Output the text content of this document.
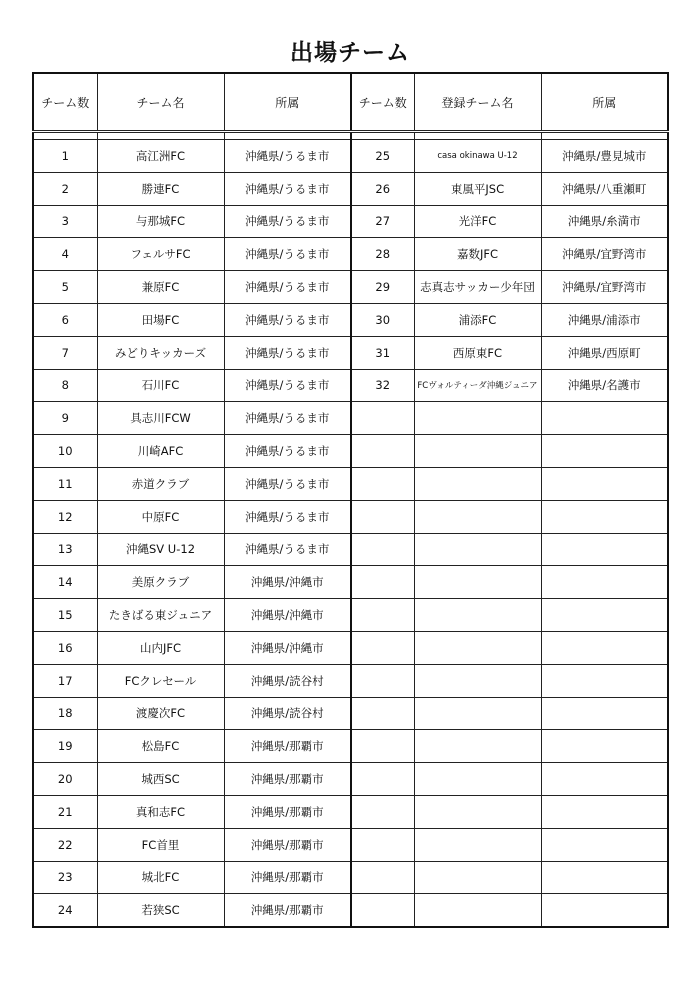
出場チーム
チーム数	チーム名	所属	チーム数	登録チーム名	所属

1	高江洲FC	沖縄県/うるま市	25	casa okinawa U-12	沖縄県/豊見城市
2	勝連FC	沖縄県/うるま市	26	東風平JSC	沖縄県/八重瀬町
3	与那城FC	沖縄県/うるま市	27	光洋FC	沖縄県/糸満市
4	フェルサFC	沖縄県/うるま市	28	嘉数JFC	沖縄県/宜野湾市
5	兼原FC	沖縄県/うるま市	29	志真志サッカー少年団	沖縄県/宜野湾市
6	田場FC	沖縄県/うるま市	30	浦添FC	沖縄県/浦添市
7	みどりキッカーズ	沖縄県/うるま市	31	西原東FC	沖縄県/西原町
8	石川FC	沖縄県/うるま市	32	FCヴォルティーダ沖縄ジュニア	沖縄県/名護市
9	具志川FCW	沖縄県/うるま市			
10	川崎AFC	沖縄県/うるま市			
11	赤道クラブ	沖縄県/うるま市			
12	中原FC	沖縄県/うるま市			
13	沖縄SV U-12	沖縄県/うるま市			
14	美原クラブ	沖縄県/沖縄市			
15	たきばる東ジュニア	沖縄県/沖縄市			
16	山内JFC	沖縄県/沖縄市			
17	FCクレセール	沖縄県/読谷村			
18	渡慶次FC	沖縄県/読谷村			
19	松島FC	沖縄県/那覇市			
20	城西SC	沖縄県/那覇市			
21	真和志FC	沖縄県/那覇市			
22	FC首里	沖縄県/那覇市			
23	城北FC	沖縄県/那覇市			
24	若狭SC	沖縄県/那覇市			
